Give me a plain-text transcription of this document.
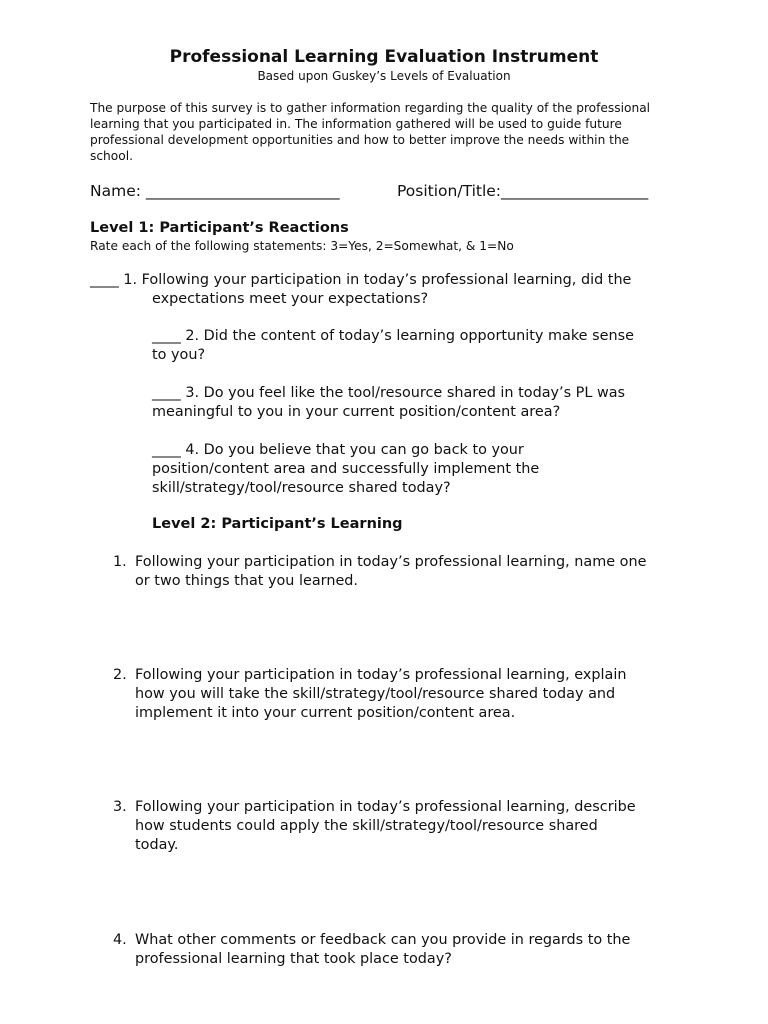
Professional Learning Evaluation Instrument
Based upon Guskey’s Levels of Evaluation
The purpose of this survey is to gather information regarding the quality of the professional
learning that you participated in. The information gathered will be used to guide future
professional development opportunities and how to better improve the needs within the
school.
Name: _________________________	Position/Title:___________________
Level 1: Participant’s Reactions
Rate each of the following statements: 3=Yes, 2=Somewhat, & 1=No
____ 1. Following your participation in today’s professional learning, did the
expectations meet your expectations?
____ 2. Did the content of today’s learning opportunity make sense
to you?
____ 3. Do you feel like the tool/resource shared in today’s PL was
meaningful to you in your current position/content area?
____ 4. Do you believe that you can go back to your
position/content area and successfully implement the
skill/strategy/tool/resource shared today?
Level 2: Participant’s Learning
1. Following your participation in today’s professional learning, name one
or two things that you learned.
2. Following your participation in today’s professional learning, explain
how you will take the skill/strategy/tool/resource shared today and
implement it into your current position/content area.
3. Following your participation in today’s professional learning, describe
how students could apply the skill/strategy/tool/resource shared
today.
4. What other comments or feedback can you provide in regards to the
professional learning that took place today?
